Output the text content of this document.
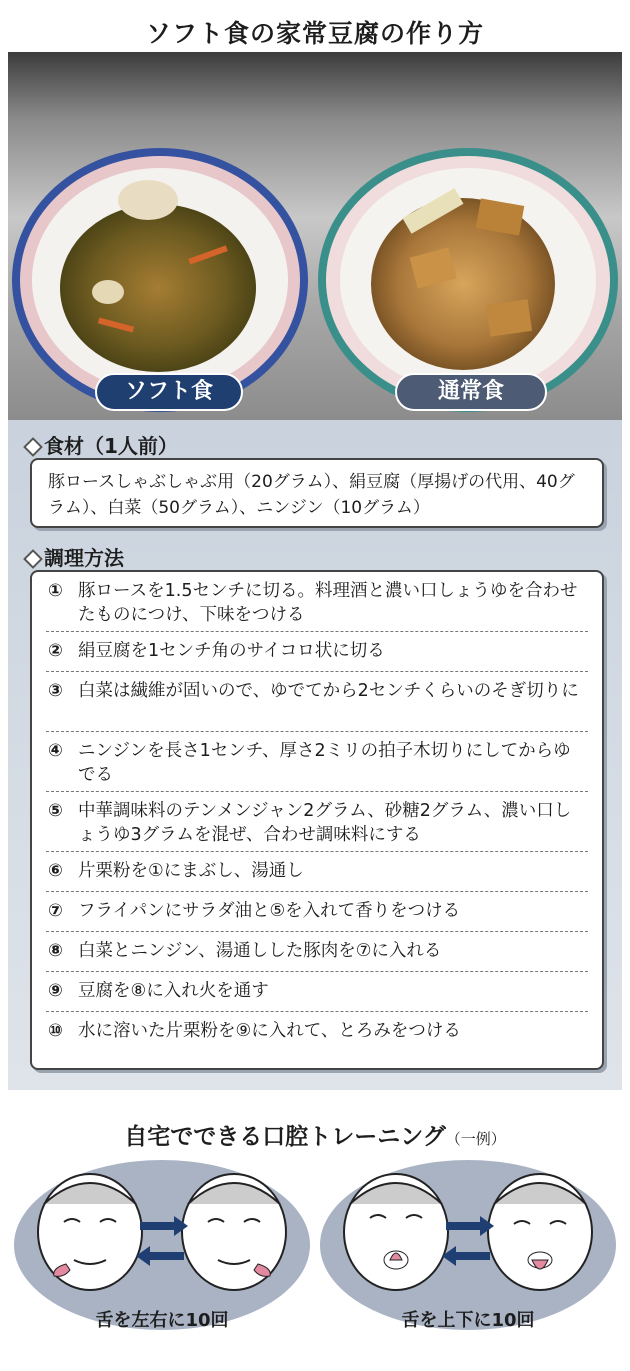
ソフト食の家常豆腐の作り方
ソフト食	通常食
食材（1人前）
豚ロースしゃぶしゃぶ用（20グラム）、絹豆腐（厚揚げの代用、40グラム）、白菜（50グラム）、ニンジン（10グラム）
調理方法
① 豚ロースを1.5センチに切る。料理酒と濃い口しょうゆを合わせたものにつけ、下味をつける
② 絹豆腐を1センチ角のサイコロ状に切る
③ 白菜は繊維が固いので、ゆでてから2センチくらいのそぎ切りに
④ ニンジンを長さ1センチ、厚さ2ミリの拍子木切りにしてからゆでる
⑤ 中華調味料のテンメンジャン2グラム、砂糖2グラム、濃い口しょうゆ3グラムを混ぜ、合わせ調味料にする
⑥ 片栗粉を①にまぶし、湯通し
⑦ フライパンにサラダ油と⑤を入れて香りをつける
⑧ 白菜とニンジン、湯通しした豚肉を⑦に入れる
⑨ 豆腐を⑧に入れ火を通す
⑩ 水に溶いた片栗粉を⑨に入れて、とろみをつける
自宅でできる口腔トレーニング（一例）
舌を左右に10回	舌を上下に10回
